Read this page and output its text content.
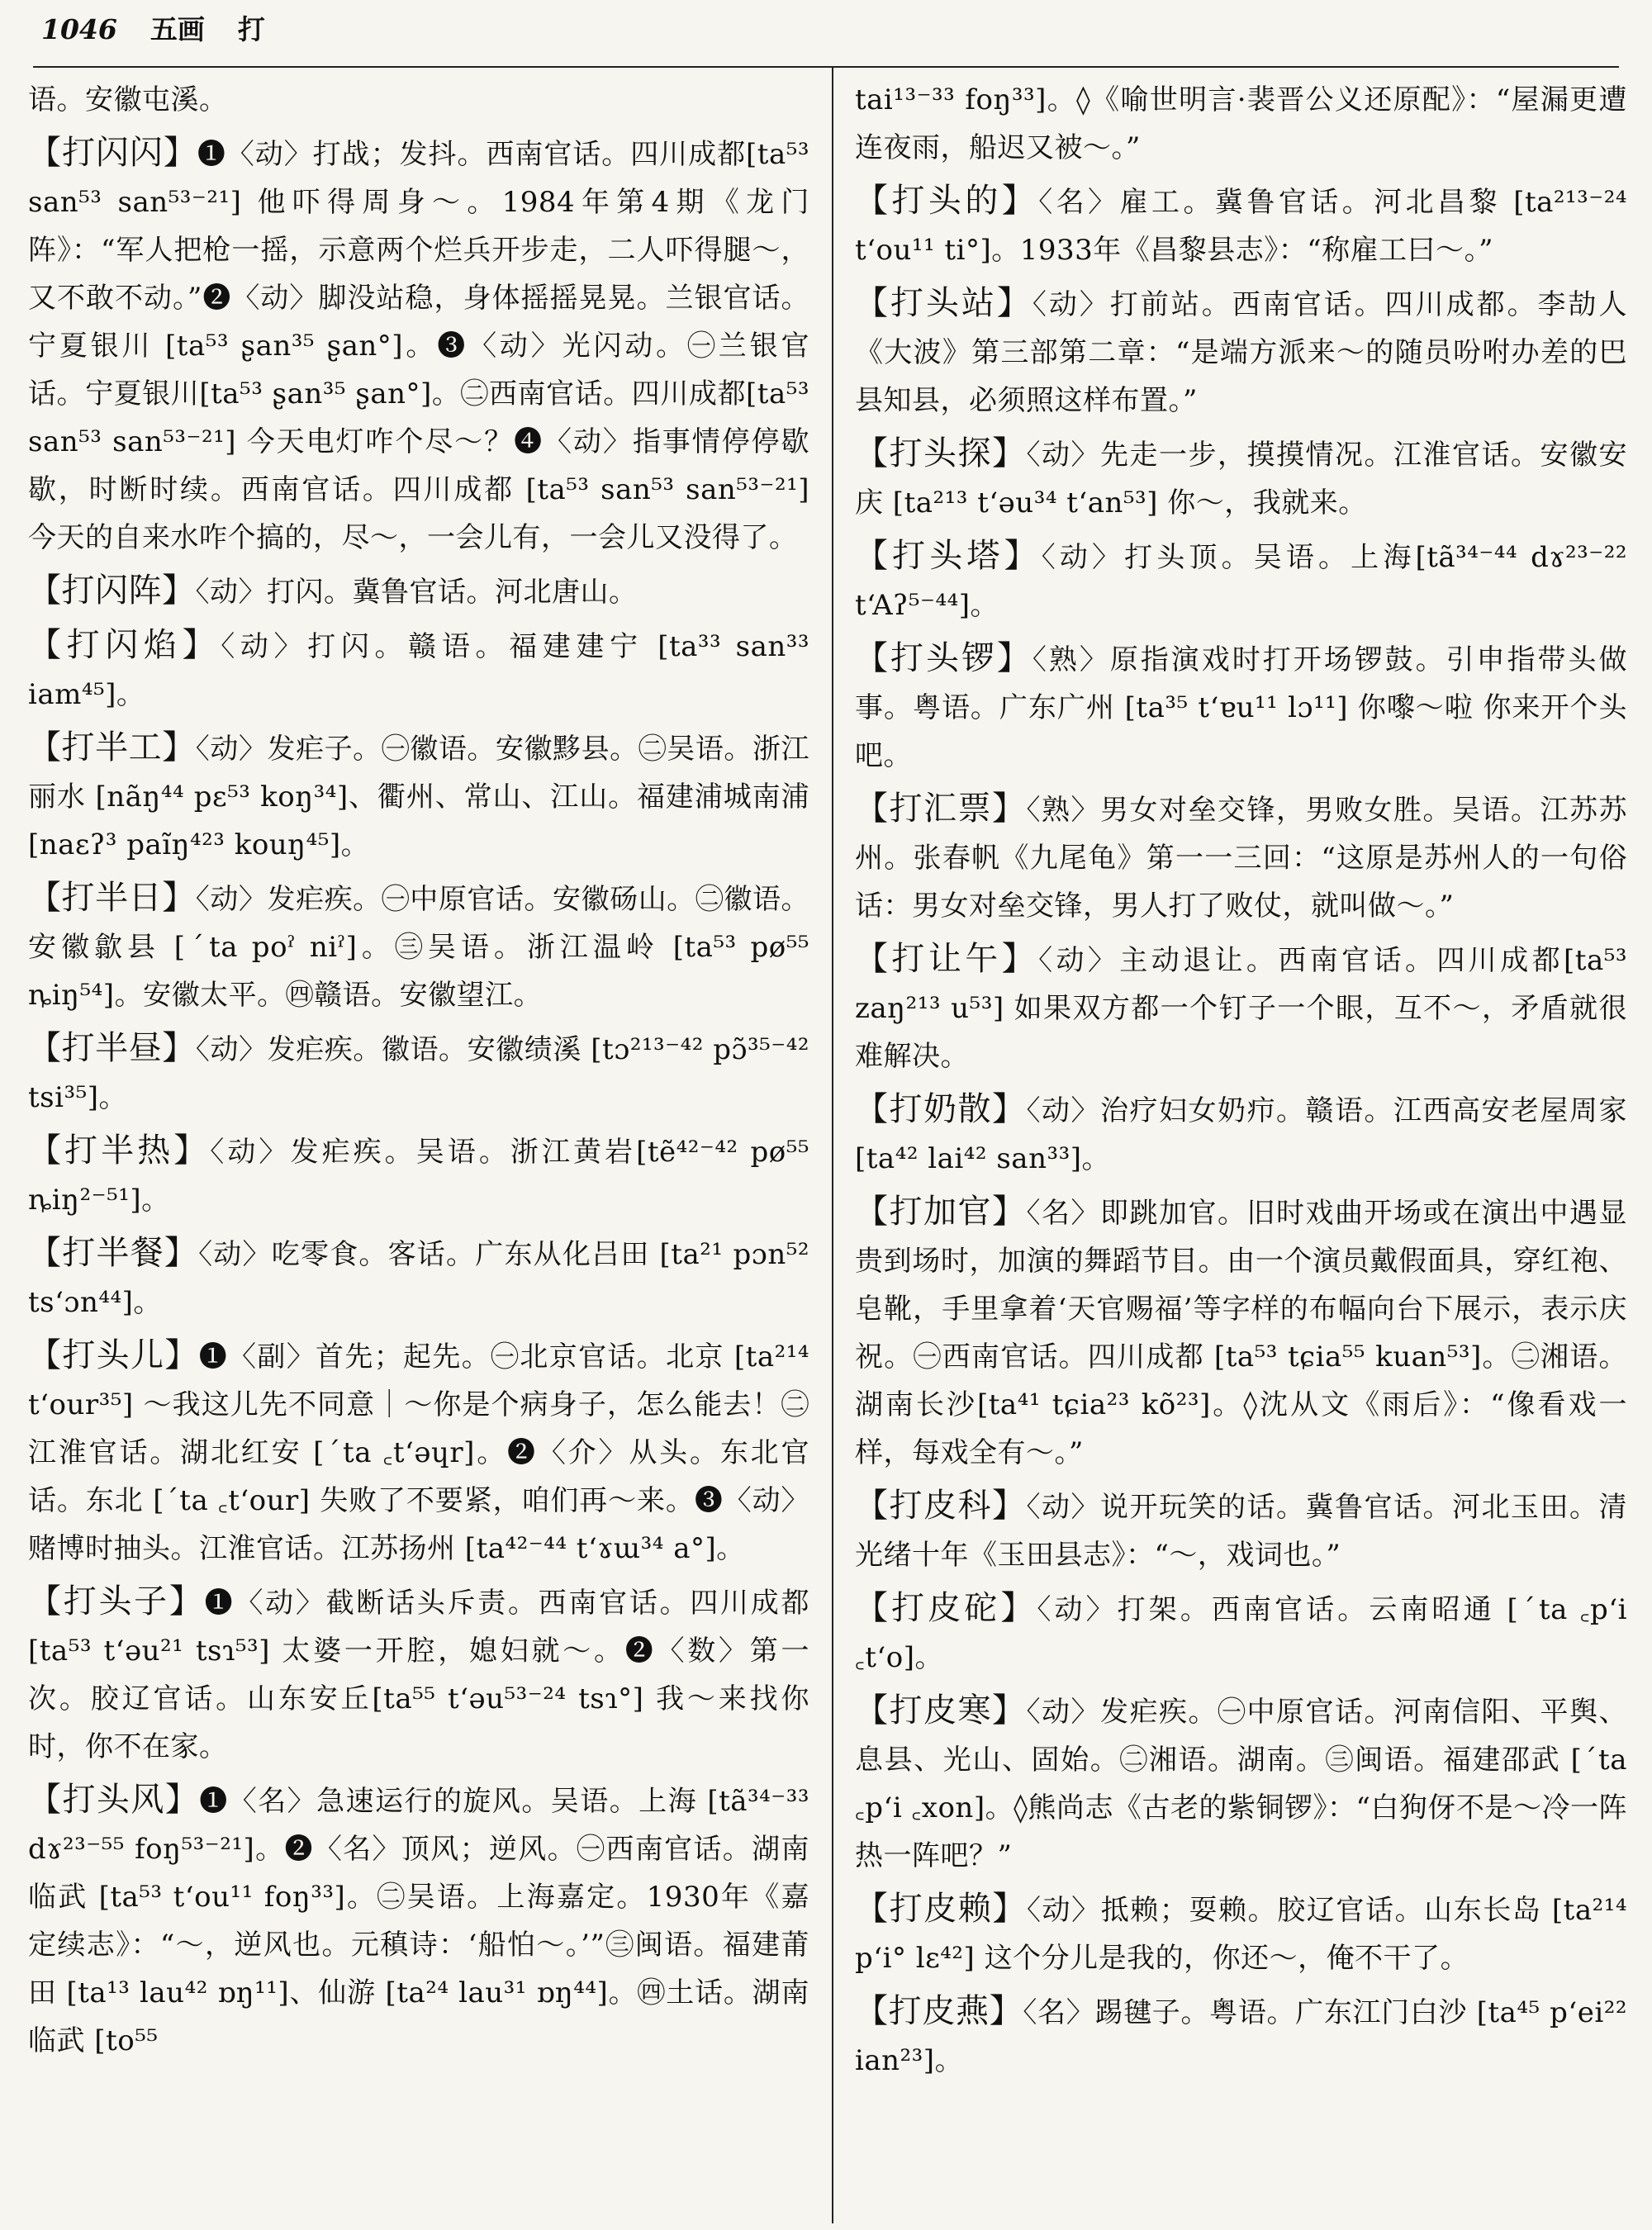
1046 五画 打
语。安徽屯溪。
【打闪闪】❶〈动〉打战；发抖。西南官话。四川成都[ta⁵³ san⁵³ san⁵³⁻²¹] 他吓得周身～。1984年第4期《龙门阵》：“军人把枪一摇，示意两个烂兵开步走，二人吓得腿～，又不敢不动。”❷〈动〉脚没站稳，身体摇摇晃晃。兰银官话。宁夏银川 [ta⁵³ ʂan³⁵ ʂan°]。❸〈动〉光闪动。㊀兰银官话。宁夏银川[ta⁵³ ʂan³⁵ ʂan°]。㊁西南官话。四川成都[ta⁵³ san⁵³ san⁵³⁻²¹] 今天电灯咋个尽～？❹〈动〉指事情停停歇歇，时断时续。西南官话。四川成都 [ta⁵³ san⁵³ san⁵³⁻²¹] 今天的自来水咋个搞的，尽～，一会儿有，一会儿又没得了。
【打闪阵】〈动〉打闪。冀鲁官话。河北唐山。
【打闪焰】〈动〉打闪。赣语。福建建宁 [ta³³ san³³ iam⁴⁵]。
【打半工】〈动〉发疟子。㊀徽语。安徽黟县。㊁吴语。浙江丽水 [nãŋ⁴⁴ pɛ⁵³ koŋ³⁴]、衢州、常山、江山。福建浦城南浦 [naɛʔ³ paĩŋ⁴²³ kouŋ⁴⁵]。
【打半日】〈动〉发疟疾。㊀中原官话。安徽砀山。㊁徽语。安徽歙县 [ˊta poˀ niˀ]。㊂吴语。浙江温岭 [ta⁵³ pø⁵⁵ ȵiŋ⁵⁴]。安徽太平。㊃赣语。安徽望江。
【打半昼】〈动〉发疟疾。徽语。安徽绩溪 [tɔ²¹³⁻⁴² pɔ̃³⁵⁻⁴² tsi³⁵]。
【打半热】〈动〉发疟疾。吴语。浙江黄岩[tẽ⁴²⁻⁴² pø⁵⁵ ȵiŋ²⁻⁵¹]。
【打半餐】〈动〉吃零食。客话。广东从化吕田 [ta²¹ pɔn⁵² tsʻɔn⁴⁴]。
【打头儿】❶〈副〉首先；起先。㊀北京官话。北京 [ta²¹⁴ tʻour³⁵] ～我这儿先不同意｜～你是个病身子，怎么能去！㊁江淮官话。湖北红安 [ˊta ꜀tʻəɥr]。❷〈介〉从头。东北官话。东北 [ˊta ꜀tʻour] 失败了不要紧，咱们再～来。❸〈动〉赌博时抽头。江淮官话。江苏扬州 [ta⁴²⁻⁴⁴ tʻɤɯ³⁴ a°]。
【打头子】❶〈动〉截断话头斥责。西南官话。四川成都 [ta⁵³ tʻəu²¹ tsɿ⁵³] 太婆一开腔，媳妇就～。❷〈数〉第一次。胶辽官话。山东安丘[ta⁵⁵ tʻəu⁵³⁻²⁴ tsɿ°] 我～来找你时，你不在家。
【打头风】❶〈名〉急速运行的旋风。吴语。上海 [tã³⁴⁻³³ dɤ²³⁻⁵⁵ foŋ⁵³⁻²¹]。❷〈名〉顶风；逆风。㊀西南官话。湖南临武 [ta⁵³ tʻou¹¹ foŋ³³]。㊁吴语。上海嘉定。1930年《嘉定续志》：“～，逆风也。元稹诗：‘船怕～。’”㊂闽语。福建莆田 [ta¹³ lau⁴² ɒŋ¹¹]、仙游 [ta²⁴ lau³¹ ɒŋ⁴⁴]。㊃土话。湖南临武 [to⁵⁵
tai¹³⁻³³ foŋ³³]。◊《喻世明言·裴晋公义还原配》：“屋漏更遭连夜雨，船迟又被～。”
【打头的】〈名〉雇工。冀鲁官话。河北昌黎 [ta²¹³⁻²⁴ tʻou¹¹ ti°]。1933年《昌黎县志》：“称雇工曰～。”
【打头站】〈动〉打前站。西南官话。四川成都。李劼人《大波》第三部第二章：“是端方派来～的随员吩咐办差的巴县知县，必须照这样布置。”
【打头探】〈动〉先走一步，摸摸情况。江淮官话。安徽安庆 [ta²¹³ tʻəu³⁴ tʻan⁵³] 你～，我就来。
【打头塔】〈动〉打头顶。吴语。上海[tã³⁴⁻⁴⁴ dɤ²³⁻²² tʻAʔ⁵⁻⁴⁴]。
【打头锣】〈熟〉原指演戏时打开场锣鼓。引申指带头做事。粤语。广东广州 [ta³⁵ tʻɐu¹¹ lɔ¹¹] 你嚟～啦 你来开个头吧。
【打汇票】〈熟〉男女对垒交锋，男败女胜。吴语。江苏苏州。张春帆《九尾龟》第一一三回：“这原是苏州人的一句俗话：男女对垒交锋，男人打了败仗，就叫做～。”
【打让午】〈动〉主动退让。西南官话。四川成都[ta⁵³ zaŋ²¹³ u⁵³] 如果双方都一个钉子一个眼，互不～，矛盾就很难解决。
【打奶散】〈动〉治疗妇女奶疖。赣语。江西高安老屋周家 [ta⁴² lai⁴² san³³]。
【打加官】〈名〉即跳加官。旧时戏曲开场或在演出中遇显贵到场时，加演的舞蹈节目。由一个演员戴假面具，穿红袍、皂靴，手里拿着‘天官赐福’等字样的布幅向台下展示，表示庆祝。㊀西南官话。四川成都 [ta⁵³ tɕia⁵⁵ kuan⁵³]。㊁湘语。湖南长沙[ta⁴¹ tɕia²³ kõ²³]。◊沈从文《雨后》：“像看戏一样，每戏全有～。”
【打皮科】〈动〉说开玩笑的话。冀鲁官话。河北玉田。清光绪十年《玉田县志》：“～，戏词也。”
【打皮砣】〈动〉打架。西南官话。云南昭通 [ˊta ꜀pʻi ꜀tʻo]。
【打皮寒】〈动〉发疟疾。㊀中原官话。河南信阳、平舆、息县、光山、固始。㊁湘语。湖南。㊂闽语。福建邵武 [ˊta ꜀pʻi ꜀xon]。◊熊尚志《古老的紫铜锣》：“白狗伢不是～冷一阵热一阵吧？”
【打皮赖】〈动〉抵赖；耍赖。胶辽官话。山东长岛 [ta²¹⁴ pʻi° lɛ⁴²] 这个分儿是我的，你还～，俺不干了。
【打皮燕】〈名〉踢毽子。粤语。广东江门白沙 [ta⁴⁵ pʻei²² ian²³]。
